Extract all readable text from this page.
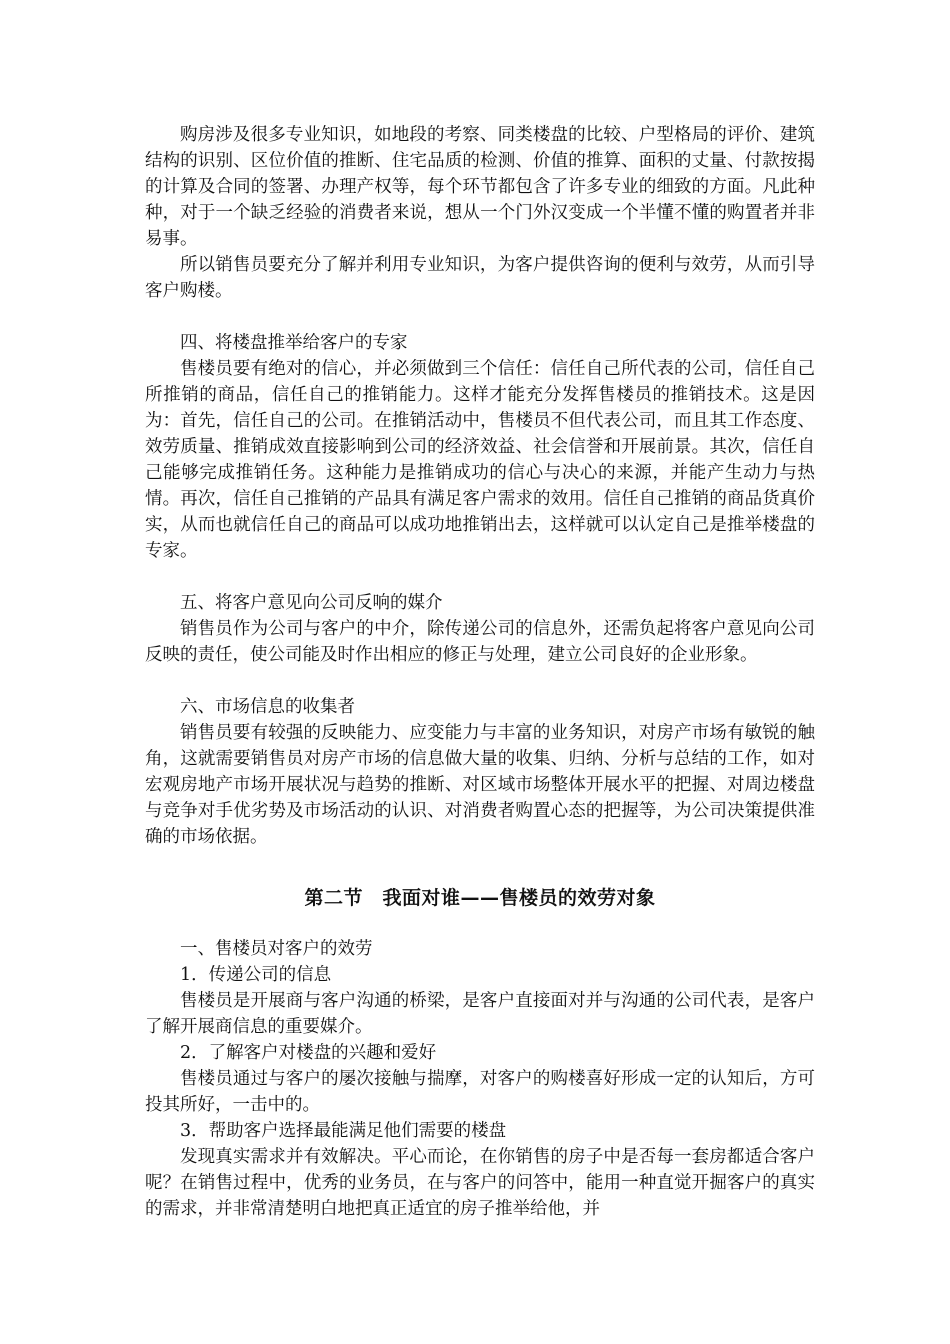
购房涉及很多专业知识，如地段的考察、同类楼盘的比较、户型格局的评价、建筑结构的识别、区位价值的推断、住宅品质的检测、价值的推算、面积的丈量、付款按揭的计算及合同的签署、办理产权等，每个环节都包含了许多专业的细致的方面。凡此种种，对于一个缺乏经验的消费者来说，想从一个门外汉变成一个半懂不懂的购置者并非易事。

所以销售员要充分了解并利用专业知识，为客户提供咨询的便利与效劳，从而引导客户购楼。

四、将楼盘推举给客户的专家

售楼员要有绝对的信心，并必须做到三个信任：信任自己所代表的公司，信任自己所推销的商品，信任自己的推销能力。这样才能充分发挥售楼员的推销技术。这是因为：首先，信任自己的公司。在推销活动中，售楼员不但代表公司，而且其工作态度、效劳质量、推销成效直接影响到公司的经济效益、社会信誉和开展前景。其次，信任自己能够完成推销任务。这种能力是推销成功的信心与决心的来源，并能产生动力与热情。再次，信任自己推销的产品具有满足客户需求的效用。信任自己推销的商品货真价实，从而也就信任自己的商品可以成功地推销出去，这样就可以认定自己是推举楼盘的专家。

五、将客户意见向公司反响的媒介

销售员作为公司与客户的中介，除传递公司的信息外，还需负起将客户意见向公司反映的责任，使公司能及时作出相应的修正与处理，建立公司良好的企业形象。

六、市场信息的收集者

销售员要有较强的反映能力、应变能力与丰富的业务知识，对房产市场有敏锐的触角，这就需要销售员对房产市场的信息做大量的收集、归纳、分析与总结的工作，如对宏观房地产市场开展状况与趋势的推断、对区域市场整体开展水平的把握、对周边楼盘与竞争对手优劣势及市场活动的认识、对消费者购置心态的把握等，为公司决策提供准确的市场依据。

第二节　我面对谁——售楼员的效劳对象

一、售楼员对客户的效劳

1．传递公司的信息

售楼员是开展商与客户沟通的桥梁，是客户直接面对并与沟通的公司代表，是客户了解开展商信息的重要媒介。

2．了解客户对楼盘的兴趣和爱好

售楼员通过与客户的屡次接触与揣摩，对客户的购楼喜好形成一定的认知后，方可投其所好，一击中的。

3．帮助客户选择最能满足他们需要的楼盘

发现真实需求并有效解决。平心而论，在你销售的房子中是否每一套房都适合客户呢？在销售过程中，优秀的业务员，在与客户的问答中，能用一种直觉开掘客户的真实的需求，并非常清楚明白地把真正适宜的房子推举给他，并
